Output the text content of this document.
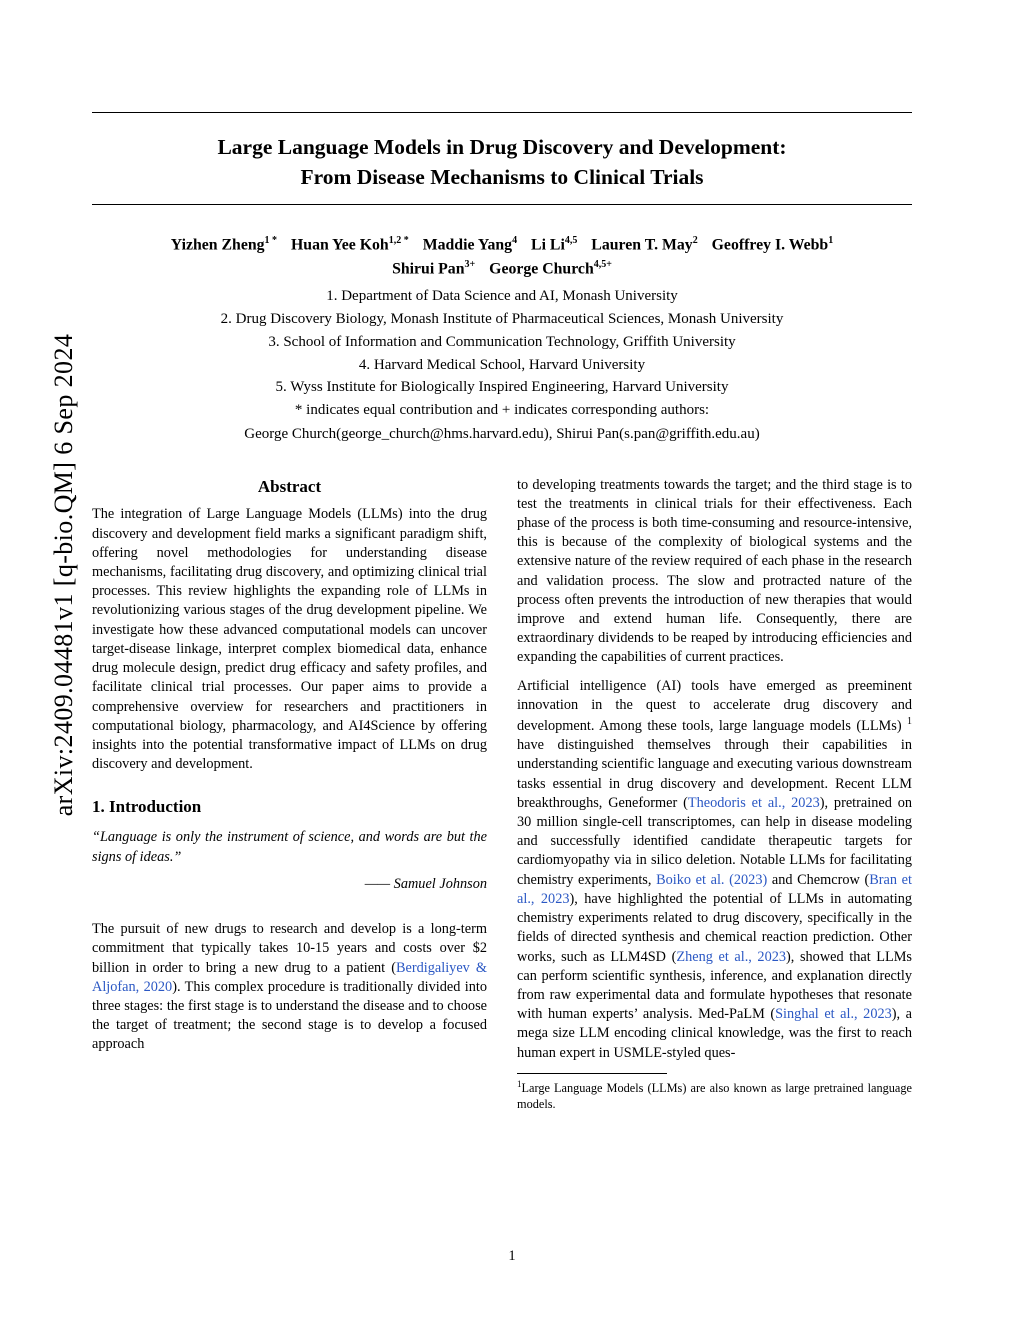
arXiv:2409.04481v1 [q-bio.QM] 6 Sep 2024
Large Language Models in Drug Discovery and Development:
From Disease Mechanisms to Clinical Trials
Yizhen Zheng$^{1 *}$ Huan Yee Koh$^{1,2 *}$ Maddie Yang$^4$ Li Li$^{4,5}$ Lauren T. May$^2$ Geoffrey I. Webb$^1$
Shirui Pan$^{3+}$ George Church$^{4,5+}$
1. Department of Data Science and AI, Monash University
2. Drug Discovery Biology, Monash Institute of Pharmaceutical Sciences, Monash University
3. School of Information and Communication Technology, Griffith University
4. Harvard Medical School, Harvard University
5. Wyss Institute for Biologically Inspired Engineering, Harvard University
* indicates equal contribution and + indicates corresponding authors:
George Church(george_church@hms.harvard.edu), Shirui Pan(s.pan@griffith.edu.au)
Abstract

The integration of Large Language Models (LLMs) into the drug discovery and development field marks a significant paradigm shift, offering novel methodologies for understanding disease mechanisms, facilitating drug discovery, and optimizing clinical trial processes. This review highlights the expanding role of LLMs in revolutionizing various stages of the drug development pipeline. We investigate how these advanced computational models can uncover target-disease linkage, interpret complex biomedical data, enhance drug molecule design, predict drug efficacy and safety profiles, and facilitate clinical trial processes. Our paper aims to provide a comprehensive overview for researchers and practitioners in computational biology, pharmacology, and AI4Science by offering insights into the potential transformative impact of LLMs on drug discovery and development.

1. Introduction
“Language is only the instrument of science, and words are but the signs of ideas.”
—— Samuel Johnson

The pursuit of new drugs to research and develop is a long-term commitment that typically takes 10-15 years and costs over $2 billion in order to bring a new drug to a patient (Berdigaliyev & Aljofan, 2020). This complex procedure is traditionally divided into three stages: the first stage is to understand the disease and to choose the target of treatment; the second stage is to develop a focused approach

to developing treatments towards the target; and the third stage is to test the treatments in clinical trials for their effectiveness. Each phase of the process is both time-consuming and resource-intensive, this is because of the complexity of biological systems and the extensive nature of the review required of each phase in the research and validation process. The slow and protracted nature of the process often prevents the introduction of new therapies that would improve and extend human life. Consequently, there are extraordinary dividends to be reaped by introducing efficiencies and expanding the capabilities of current practices.

Artificial intelligence (AI) tools have emerged as preeminent innovation in the quest to accelerate drug discovery and development. Among these tools, large language models (LLMs) $^1$ have distinguished themselves through their capabilities in understanding scientific language and executing various downstream tasks essential in drug discovery and development. Recent LLM breakthroughs, Geneformer (Theodoris et al., 2023), pretrained on 30 million single-cell transcriptomes, can help in disease modeling and successfully identified candidate therapeutic targets for cardiomyopathy via in silico deletion. Notable LLMs for facilitating chemistry experiments, Boiko et al. (2023) and Chemcrow (Bran et al., 2023), have highlighted the potential of LLMs in automating chemistry experiments related to drug discovery, specifically in the fields of directed synthesis and chemical reaction prediction. Other works, such as LLM4SD (Zheng et al., 2023), showed that LLMs can perform scientific synthesis, inference, and explanation directly from raw experimental data and formulate hypotheses that resonate with human experts’ analysis. Med-PaLM (Singhal et al., 2023), a mega size LLM encoding clinical knowledge, was the first to reach human expert in USMLE-styled ques-

$^1$Large Language Models (LLMs) are also known as large pretrained language models.
1
